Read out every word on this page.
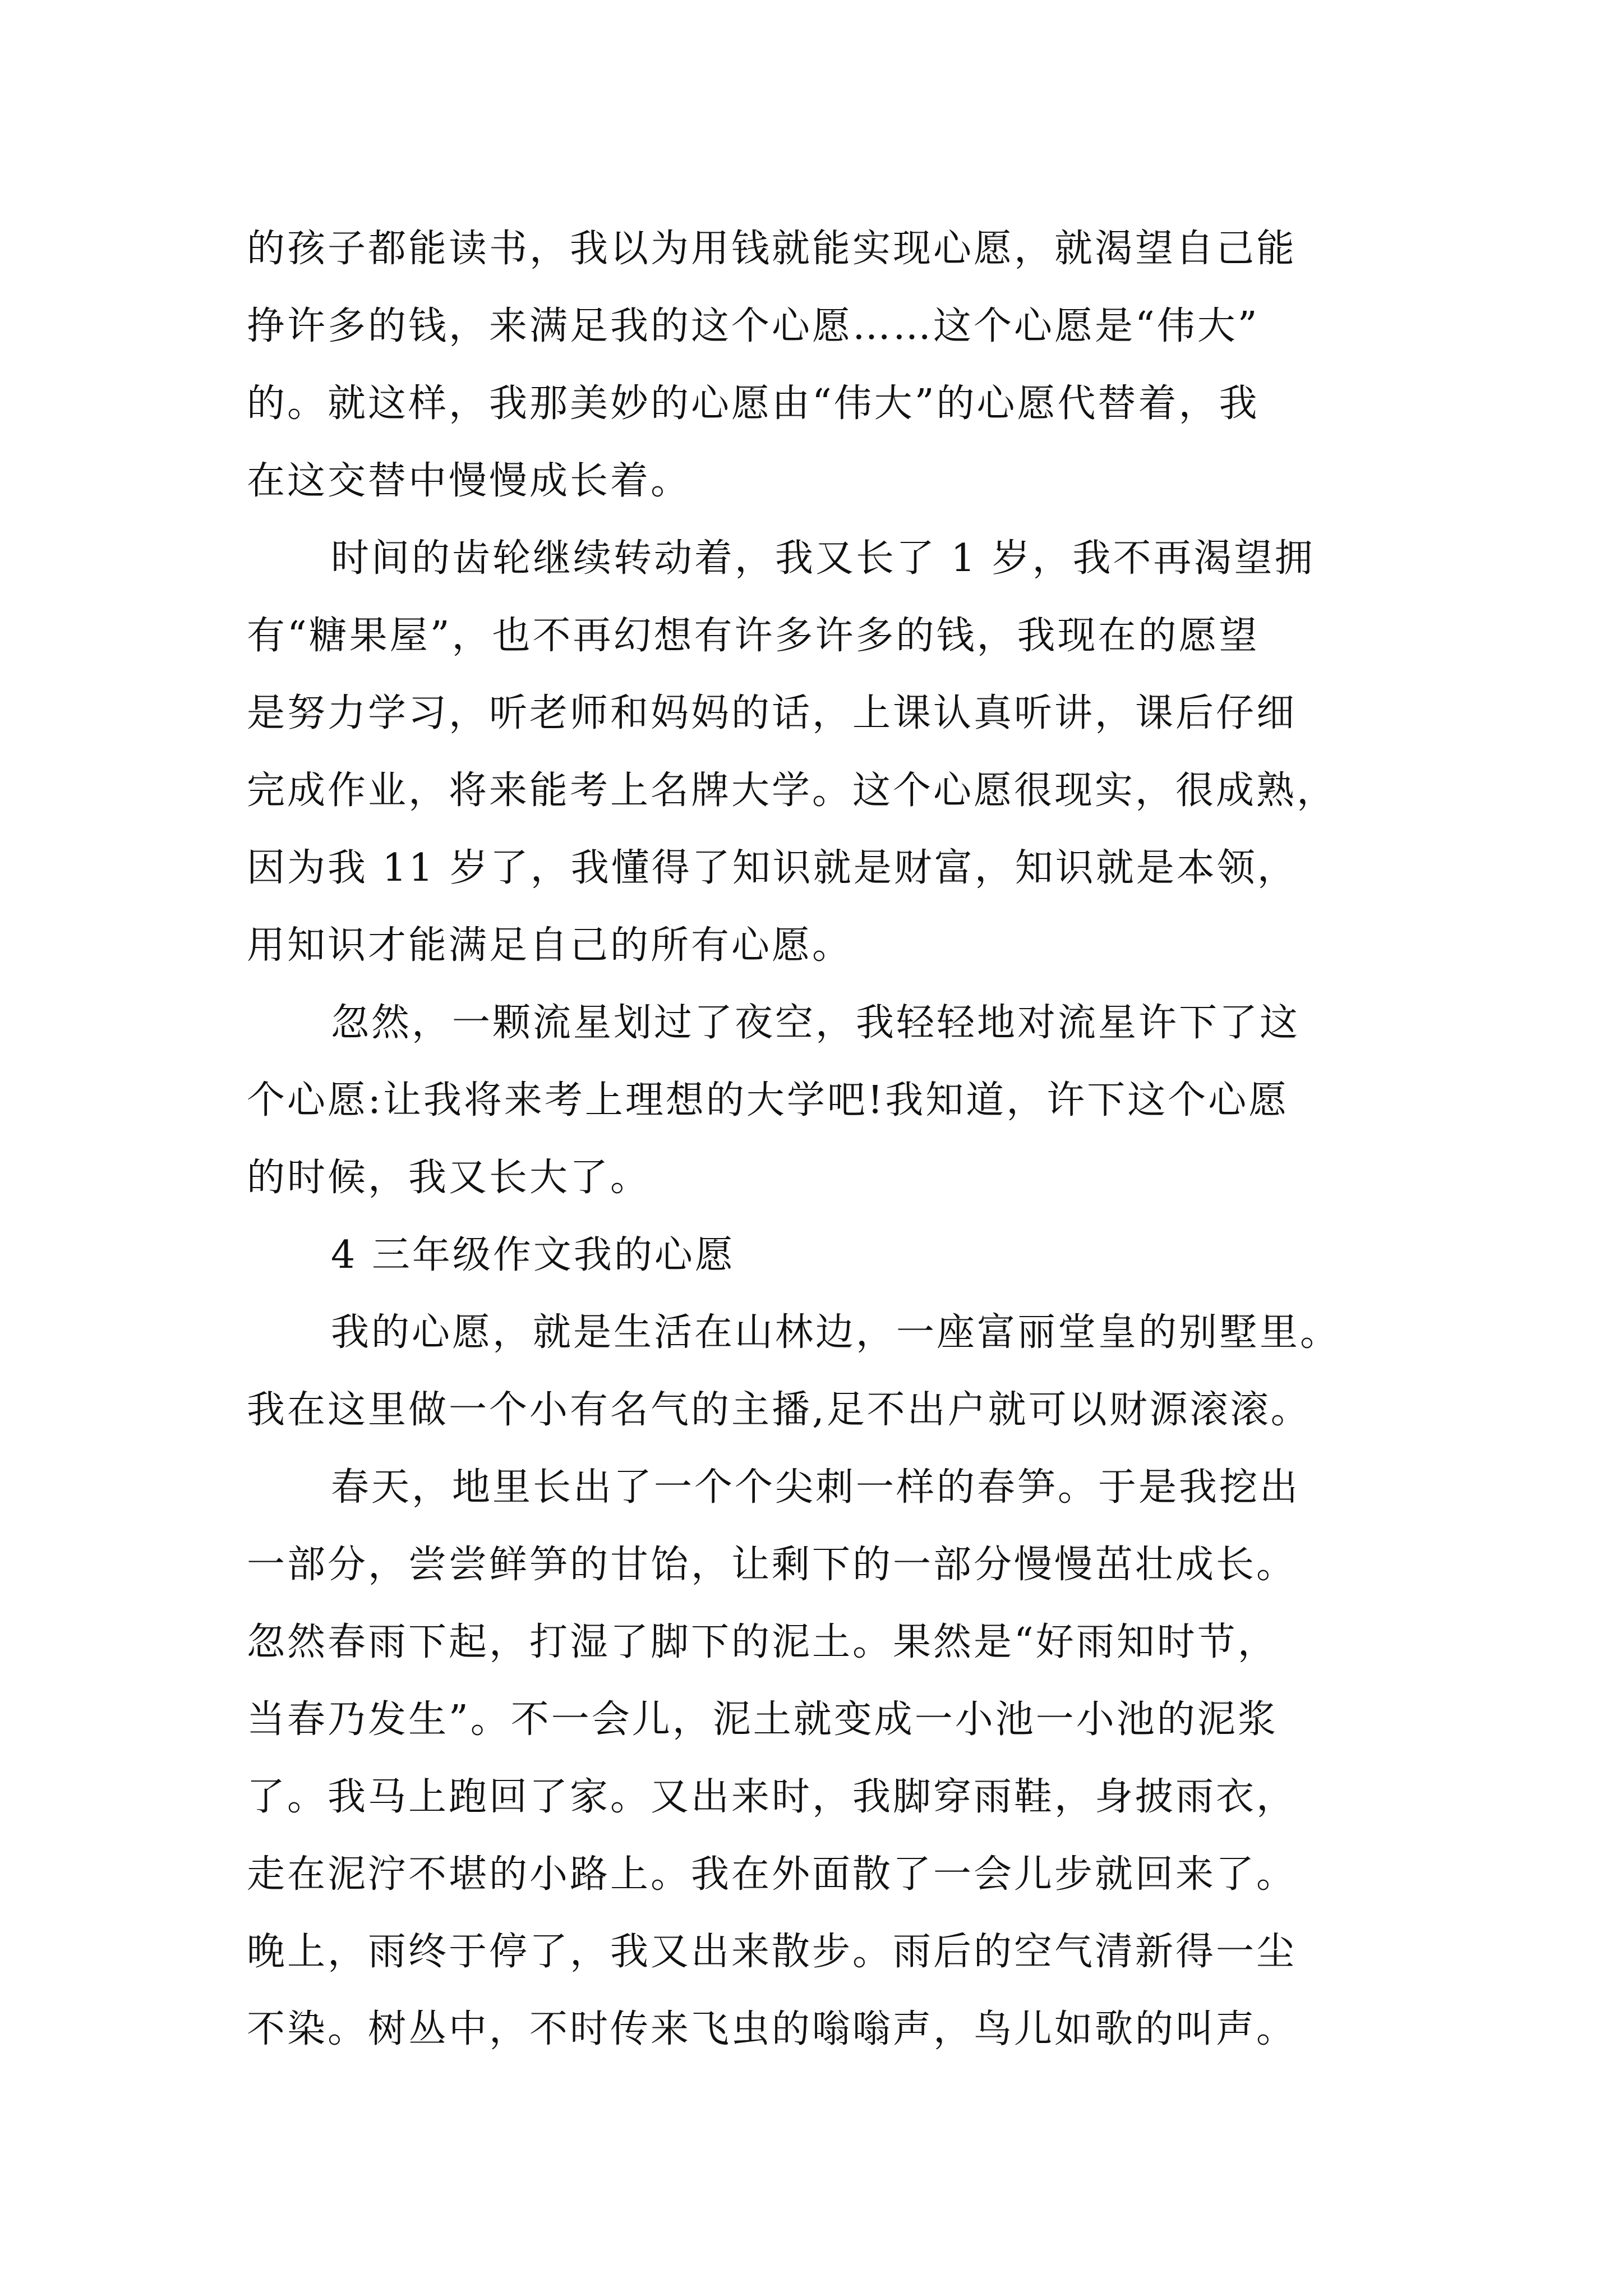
的孩子都能读书，我以为用钱就能实现心愿，就渴望自己能
挣许多的钱，来满足我的这个心愿……这个心愿是“伟大”
的。就这样，我那美妙的心愿由“伟大”的心愿代替着，我
在这交替中慢慢成长着。
时间的齿轮继续转动着，我又长了 1 岁，我不再渴望拥
有“糖果屋”，也不再幻想有许多许多的钱，我现在的愿望
是努力学习，听老师和妈妈的话，上课认真听讲，课后仔细
完成作业，将来能考上名牌大学。这个心愿很现实，很成熟，
因为我 11 岁了，我懂得了知识就是财富，知识就是本领，
用知识才能满足自己的所有心愿。
忽然，一颗流星划过了夜空，我轻轻地对流星许下了这
个心愿:让我将来考上理想的大学吧!我知道，许下这个心愿
的时候，我又长大了。
4 三年级作文我的心愿
我的心愿，就是生活在山林边，一座富丽堂皇的别墅里。
我在这里做一个小有名气的主播,足不出户就可以财源滚滚。
春天，地里长出了一个个尖刺一样的春笋。于是我挖出
一部分，尝尝鲜笋的甘饴，让剩下的一部分慢慢茁壮成长。
忽然春雨下起，打湿了脚下的泥土。果然是“好雨知时节，
当春乃发生”。不一会儿，泥土就变成一小池一小池的泥浆
了。我马上跑回了家。又出来时，我脚穿雨鞋，身披雨衣，
走在泥泞不堪的小路上。我在外面散了一会儿步就回来了。
晚上，雨终于停了，我又出来散步。雨后的空气清新得一尘
不染。树丛中，不时传来飞虫的嗡嗡声，鸟儿如歌的叫声。
